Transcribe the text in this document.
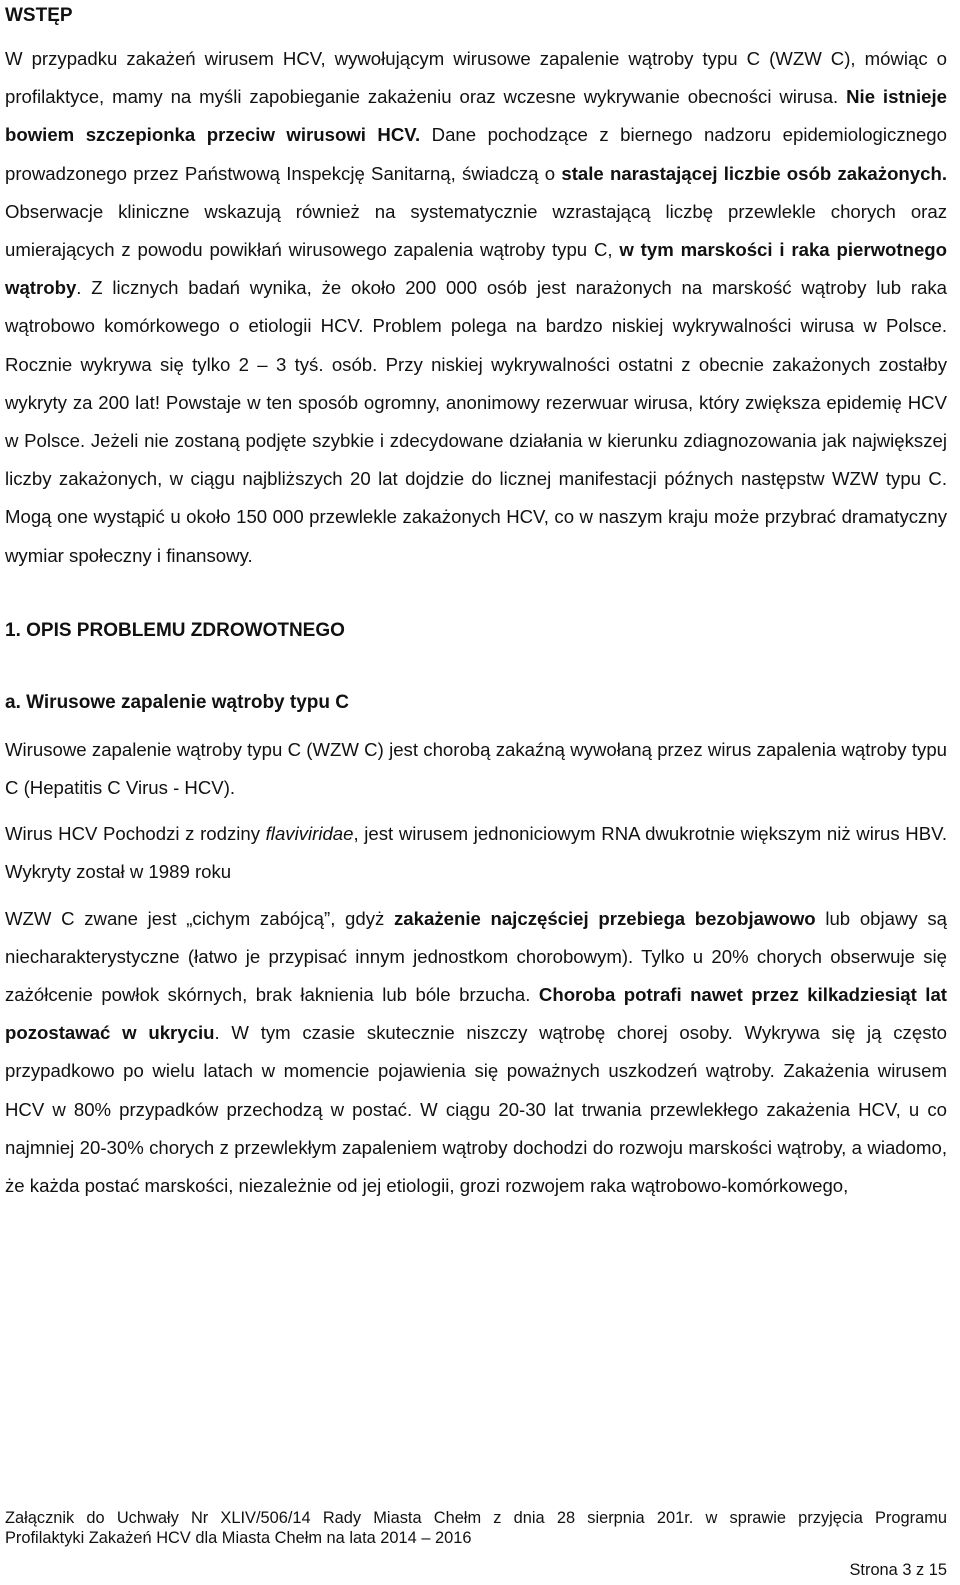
WSTĘP

W przypadku zakażeń wirusem HCV, wywołującym wirusowe zapalenie wątroby typu C (WZW C), mówiąc o profilaktyce, mamy na myśli zapobieganie zakażeniu oraz wczesne wykrywanie obecności wirusa. Nie istnieje bowiem szczepionka przeciw wirusowi HCV. Dane pochodzące z biernego nadzoru epidemiologicznego prowadzonego przez Państwową Inspekcję Sanitarną, świadczą o stale narastającej liczbie osób zakażonych. Obserwacje kliniczne wskazują również na systematycznie wzrastającą liczbę przewlekle chorych oraz umierających z powodu powikłań wirusowego zapalenia wątroby typu C, w tym marskości i raka pierwotnego wątroby. Z licznych badań wynika, że około 200 000 osób jest narażonych na marskość wątroby lub raka wątrobowo komórkowego o etiologii HCV. Problem polega na bardzo niskiej wykrywalności wirusa w Polsce. Rocznie wykrywa się tylko 2 – 3 tyś. osób. Przy niskiej wykrywalności ostatni z obecnie zakażonych zostałby wykryty za 200 lat! Powstaje w ten sposób ogromny, anonimowy rezerwuar wirusa, który zwiększa epidemię HCV w Polsce. Jeżeli nie zostaną podjęte szybkie i zdecydowane działania w kierunku zdiagnozowania jak największej liczby zakażonych, w ciągu najbliższych 20 lat dojdzie do licznej manifestacji późnych następstw WZW typu C. Mogą one wystąpić u około 150 000 przewlekle zakażonych HCV, co w naszym kraju może przybrać dramatyczny wymiar społeczny i finansowy.

1. OPIS PROBLEMU ZDROWOTNEGO
a. Wirusowe zapalenie wątroby typu C

Wirusowe zapalenie wątroby typu C (WZW C) jest chorobą zakaźną wywołaną przez wirus zapalenia wątroby typu C (Hepatitis C Virus - HCV).

Wirus HCV Pochodzi z rodziny flaviviridae, jest wirusem jednoniciowym RNA dwukrotnie większym niż wirus HBV. Wykryty został w 1989 roku

WZW C zwane jest „cichym zabójcą”, gdyż zakażenie najczęściej przebiega bezobjawowo lub objawy są niecharakterystyczne (łatwo je przypisać innym jednostkom chorobowym). Tylko u 20% chorych obserwuje się zażółcenie powłok skórnych, brak łaknienia lub bóle brzucha. Choroba potrafi nawet przez kilkadziesiąt lat pozostawać w ukryciu. W tym czasie skutecznie niszczy wątrobę chorej osoby. Wykrywa się ją często przypadkowo po wielu latach w momencie pojawienia się poważnych uszkodzeń wątroby. Zakażenia wirusem HCV w 80% przypadków przechodzą w postać. W ciągu 20-30 lat trwania przewlekłego zakażenia HCV, u co najmniej 20-30% chorych z przewlekłym zapaleniem wątroby dochodzi do rozwoju marskości wątroby, a wiadomo, że każda postać marskości, niezależnie od jej etiologii, grozi rozwojem raka wątrobowo-komórkowego,

Załącznik do Uchwały Nr XLIV/506/14 Rady Miasta Chełm z dnia 28 sierpnia 201r. w sprawie przyjęcia Programu
Profilaktyki Zakażeń HCV dla Miasta Chełm na lata 2014 – 2016
Strona 3 z 15
